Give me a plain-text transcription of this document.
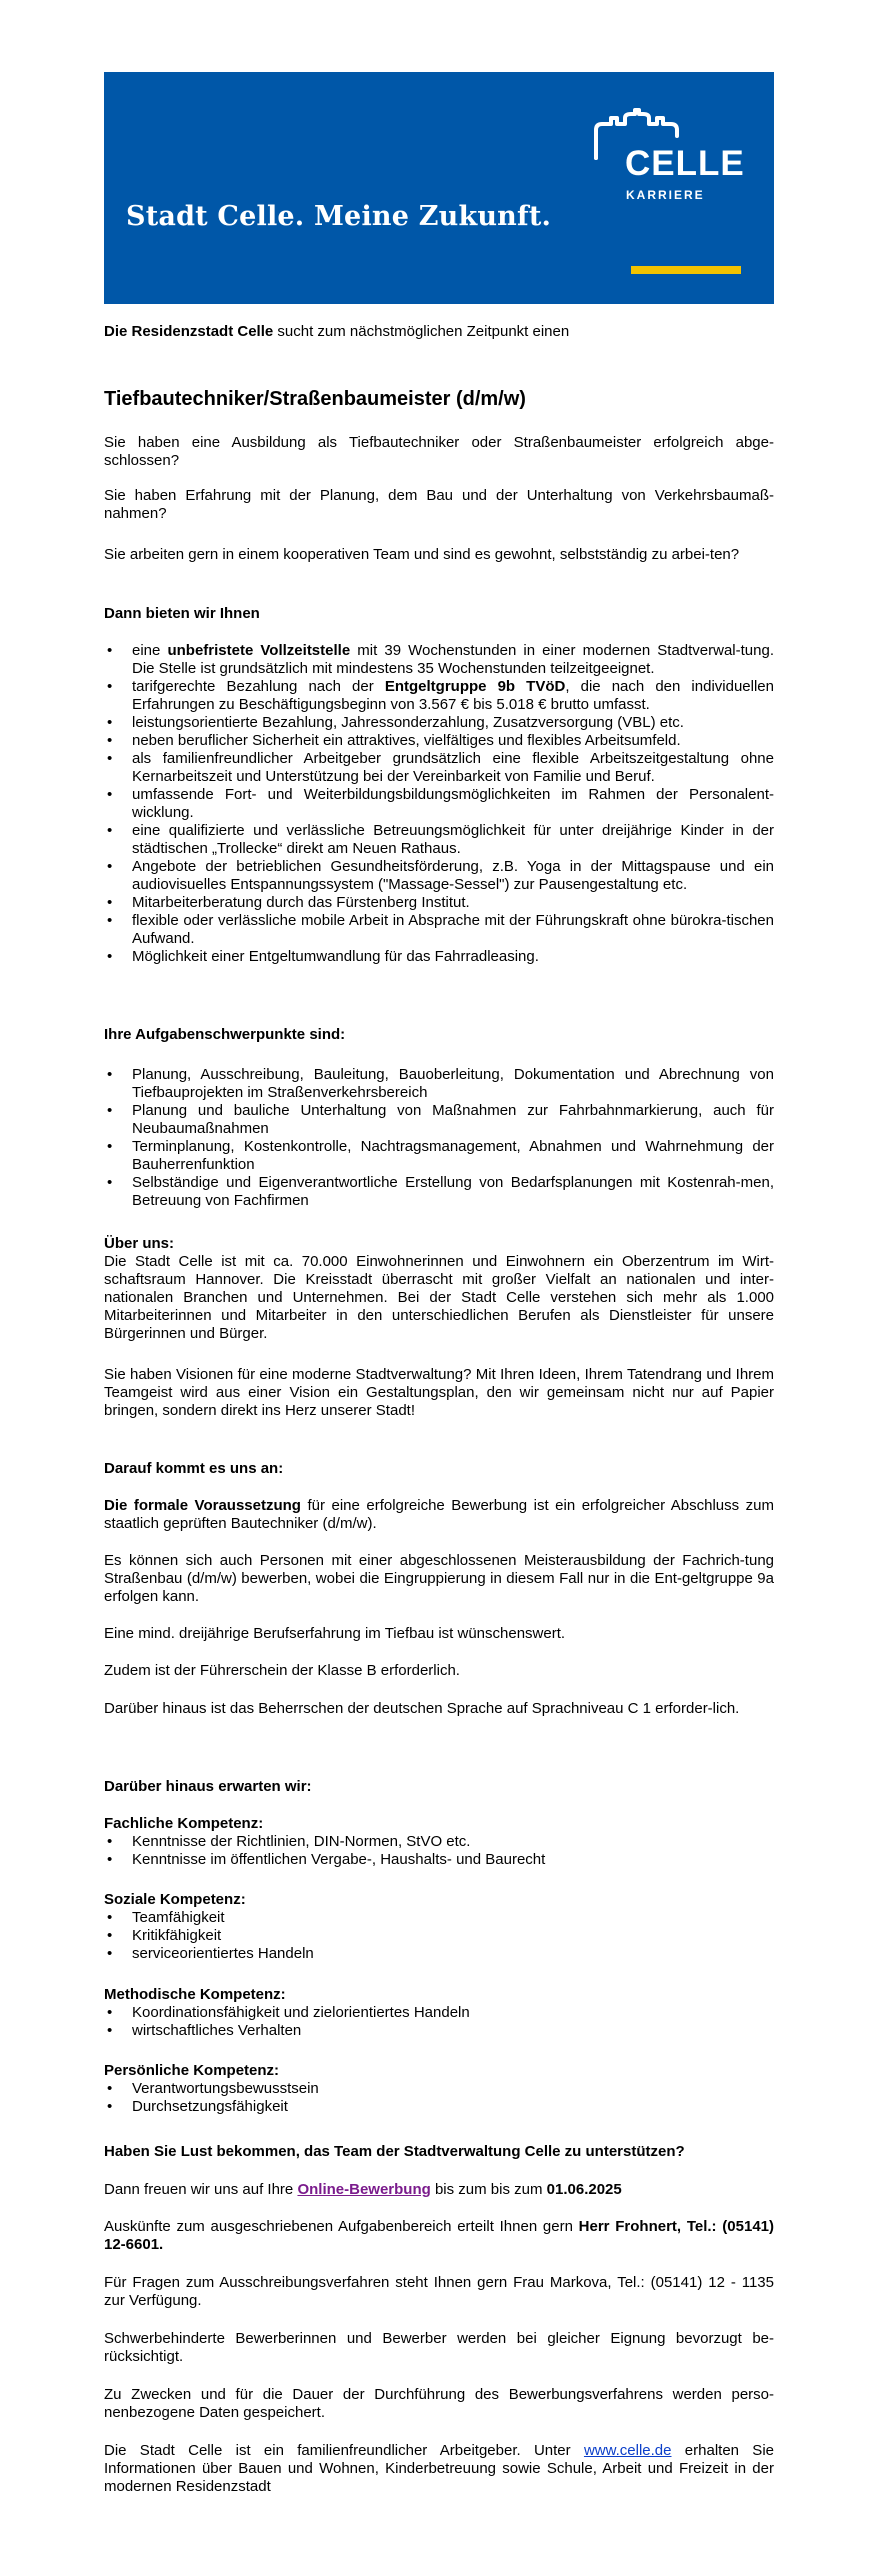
Stadt Celle. Meine Zukunft.
CELLE
KARRIERE

Die Residenzstadt Celle sucht zum nächstmöglichen Zeitpunkt einen

Tiefbautechniker/Straßenbaumeister (d/m/w)

Sie haben eine Ausbildung als Tiefbautechniker oder Straßenbaumeister erfolgreich abge-schlossen?

Sie haben Erfahrung mit der Planung, dem Bau und der Unterhaltung von Verkehrsbaumaß-nahmen?

Sie arbeiten gern in einem kooperativen Team und sind es gewohnt, selbstständig zu arbei-ten?

Dann bieten wir Ihnen

• eine unbefristete Vollzeitstelle mit 39 Wochenstunden in einer modernen Stadtverwal-tung. Die Stelle ist grundsätzlich mit mindestens 35 Wochenstunden teilzeitgeeignet.
• tarifgerechte Bezahlung nach der Entgeltgruppe 9b TVöD, die nach den individuellen Erfahrungen zu Beschäftigungsbeginn von 3.567 € bis 5.018 € brutto umfasst.
• leistungsorientierte Bezahlung, Jahressonderzahlung, Zusatzversorgung (VBL) etc.
• neben beruflicher Sicherheit ein attraktives, vielfältiges und flexibles Arbeitsumfeld.
• als familienfreundlicher Arbeitgeber grundsätzlich eine flexible Arbeitszeitgestaltung ohne Kernarbeitszeit und Unterstützung bei der Vereinbarkeit von Familie und Beruf.
• umfassende Fort- und Weiterbildungsbildungsmöglichkeiten im Rahmen der Personalent-wicklung.
• eine qualifizierte und verlässliche Betreuungsmöglichkeit für unter dreijährige Kinder in der städtischen „Trollecke“ direkt am Neuen Rathaus.
• Angebote der betrieblichen Gesundheitsförderung, z.B. Yoga in der Mittagspause und ein audiovisuelles Entspannungssystem ("Massage-Sessel") zur Pausengestaltung etc.
• Mitarbeiterberatung durch das Fürstenberg Institut.
• flexible oder verlässliche mobile Arbeit in Absprache mit der Führungskraft ohne bürokra-tischen Aufwand.
• Möglichkeit einer Entgeltumwandlung für das Fahrradleasing.

Ihre Aufgabenschwerpunkte sind:

• Planung, Ausschreibung, Bauleitung, Bauoberleitung, Dokumentation und Abrechnung von Tiefbauprojekten im Straßenverkehrsbereich
• Planung und bauliche Unterhaltung von Maßnahmen zur Fahrbahnmarkierung, auch für Neubaumaßnahmen
• Terminplanung, Kostenkontrolle, Nachtragsmanagement, Abnahmen und Wahrnehmung der Bauherrenfunktion
• Selbständige und Eigenverantwortliche Erstellung von Bedarfsplanungen mit Kostenrah-men, Betreuung von Fachfirmen

Über uns:

Die Stadt Celle ist mit ca. 70.000 Einwohnerinnen und Einwohnern ein Oberzentrum im Wirt-schaftsraum Hannover. Die Kreisstadt überrascht mit großer Vielfalt an nationalen und inter-nationalen Branchen und Unternehmen. Bei der Stadt Celle verstehen sich mehr als 1.000 Mitarbeiterinnen und Mitarbeiter in den unterschiedlichen Berufen als Dienstleister für unsere Bürgerinnen und Bürger.

Sie haben Visionen für eine moderne Stadtverwaltung? Mit Ihren Ideen, Ihrem Tatendrang und Ihrem Teamgeist wird aus einer Vision ein Gestaltungsplan, den wir gemeinsam nicht nur auf Papier bringen, sondern direkt ins Herz unserer Stadt!

Darauf kommt es uns an:

Die formale Voraussetzung für eine erfolgreiche Bewerbung ist ein erfolgreicher Abschluss zum staatlich geprüften Bautechniker (d/m/w).

Es können sich auch Personen mit einer abgeschlossenen Meisterausbildung der Fachrich-tung Straßenbau (d/m/w) bewerben, wobei die Eingruppierung in diesem Fall nur in die Ent-geltgruppe 9a erfolgen kann.

Eine mind. dreijährige Berufserfahrung im Tiefbau ist wünschenswert.

Zudem ist der Führerschein der Klasse B erforderlich.

Darüber hinaus ist das Beherrschen der deutschen Sprache auf Sprachniveau C 1 erforder-lich.

Darüber hinaus erwarten wir:

Fachliche Kompetenz:

• Kenntnisse der Richtlinien, DIN-Normen, StVO etc.
• Kenntnisse im öffentlichen Vergabe-, Haushalts- und Baurecht

Soziale Kompetenz:

• Teamfähigkeit
• Kritikfähigkeit
• serviceorientiertes Handeln

Methodische Kompetenz:

• Koordinationsfähigkeit und zielorientiertes Handeln
• wirtschaftliches Verhalten

Persönliche Kompetenz:

• Verantwortungsbewusstsein
• Durchsetzungsfähigkeit

Haben Sie Lust bekommen, das Team der Stadtverwaltung Celle zu unterstützen?

Dann freuen wir uns auf Ihre Online-Bewerbung bis zum bis zum 01.06.2025

Auskünfte zum ausgeschriebenen Aufgabenbereich erteilt Ihnen gern Herr Frohnert, Tel.: (05141) 12-6601.

Für Fragen zum Ausschreibungsverfahren steht Ihnen gern Frau Markova, Tel.: (05141) 12 - 1135 zur Verfügung.

Schwerbehinderte Bewerberinnen und Bewerber werden bei gleicher Eignung bevorzugt be-rücksichtigt.

Zu Zwecken und für die Dauer der Durchführung des Bewerbungsverfahrens werden perso-nenbezogene Daten gespeichert.

Die Stadt Celle ist ein familienfreundlicher Arbeitgeber. Unter www.celle.de erhalten Sie Informationen über Bauen und Wohnen, Kinderbetreuung sowie Schule, Arbeit und Freizeit in der modernen Residenzstadt
